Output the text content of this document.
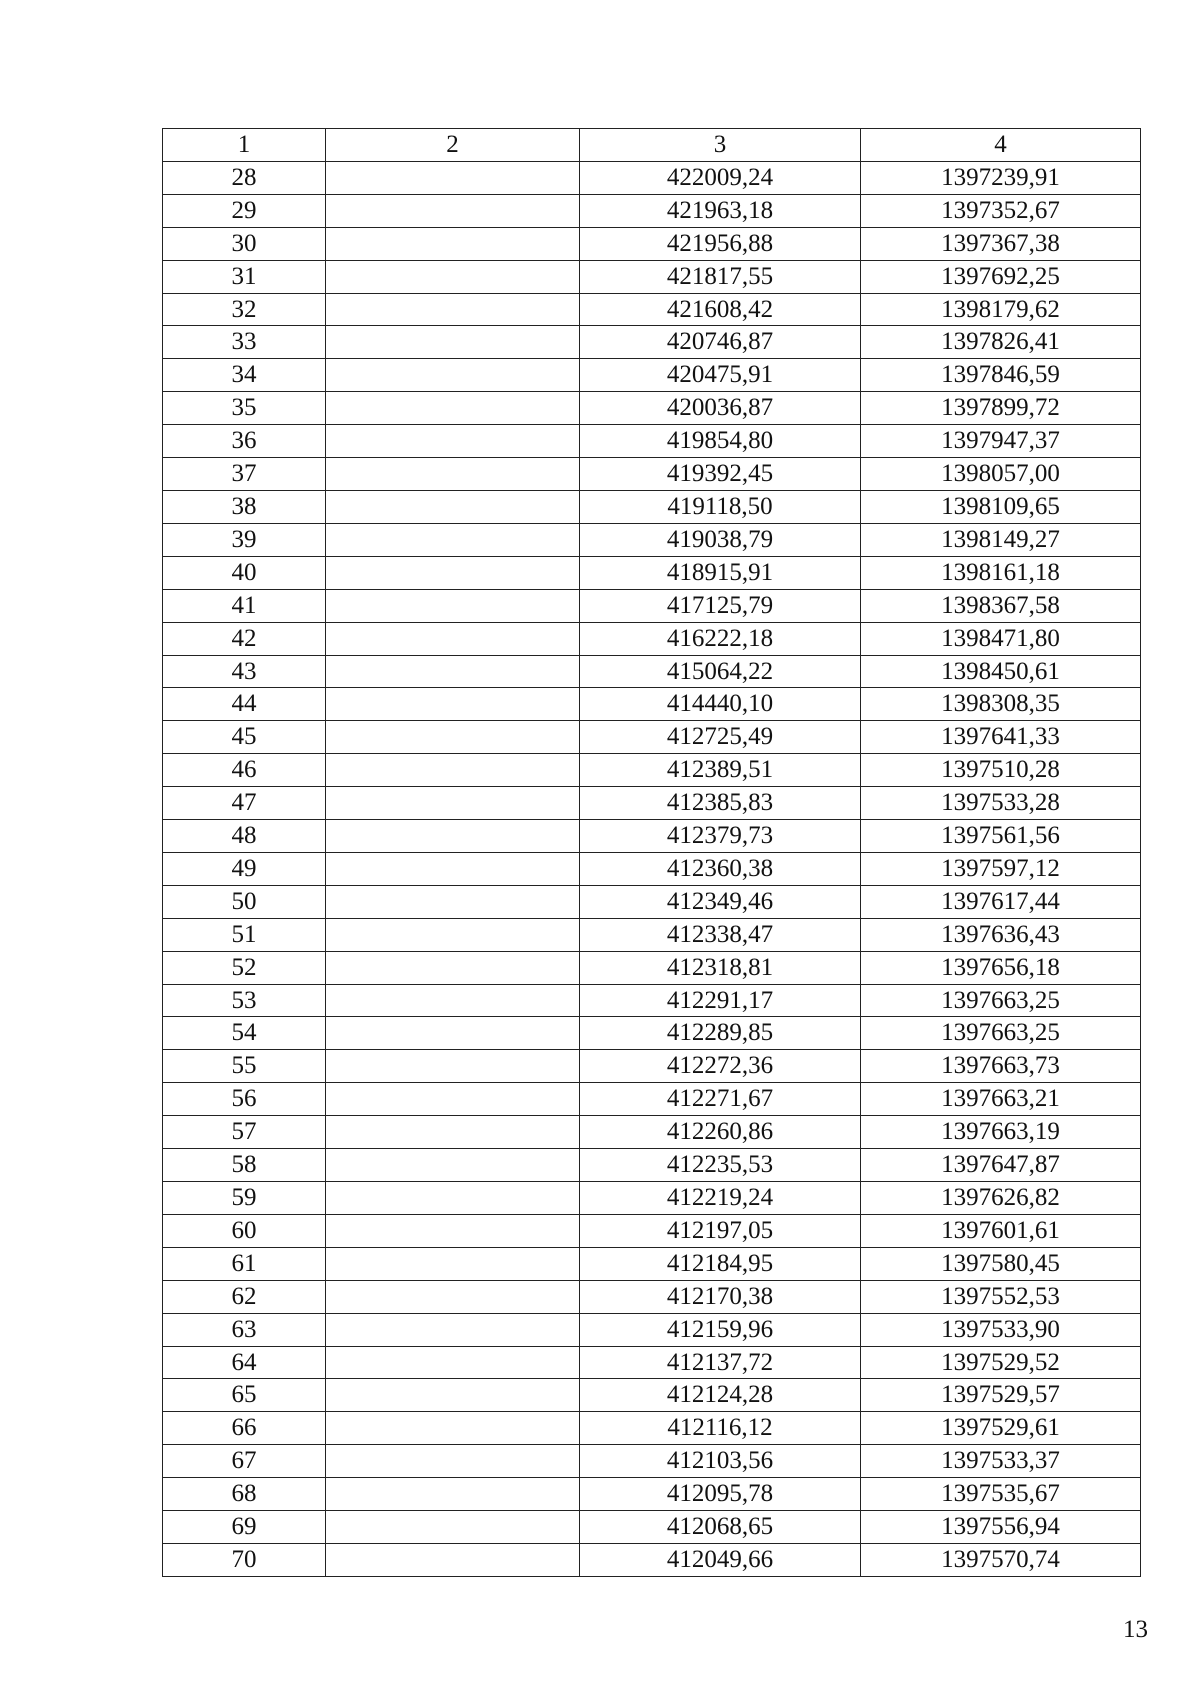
1	2	3	4
28		422009,24	1397239,91
29		421963,18	1397352,67
30		421956,88	1397367,38
31		421817,55	1397692,25
32		421608,42	1398179,62
33		420746,87	1397826,41
34		420475,91	1397846,59
35		420036,87	1397899,72
36		419854,80	1397947,37
37		419392,45	1398057,00
38		419118,50	1398109,65
39		419038,79	1398149,27
40		418915,91	1398161,18
41		417125,79	1398367,58
42		416222,18	1398471,80
43		415064,22	1398450,61
44		414440,10	1398308,35
45		412725,49	1397641,33
46		412389,51	1397510,28
47		412385,83	1397533,28
48		412379,73	1397561,56
49		412360,38	1397597,12
50		412349,46	1397617,44
51		412338,47	1397636,43
52		412318,81	1397656,18
53		412291,17	1397663,25
54		412289,85	1397663,25
55		412272,36	1397663,73
56		412271,67	1397663,21
57		412260,86	1397663,19
58		412235,53	1397647,87
59		412219,24	1397626,82
60		412197,05	1397601,61
61		412184,95	1397580,45
62		412170,38	1397552,53
63		412159,96	1397533,90
64		412137,72	1397529,52
65		412124,28	1397529,57
66		412116,12	1397529,61
67		412103,56	1397533,37
68		412095,78	1397535,67
69		412068,65	1397556,94
70		412049,66	1397570,74
13
